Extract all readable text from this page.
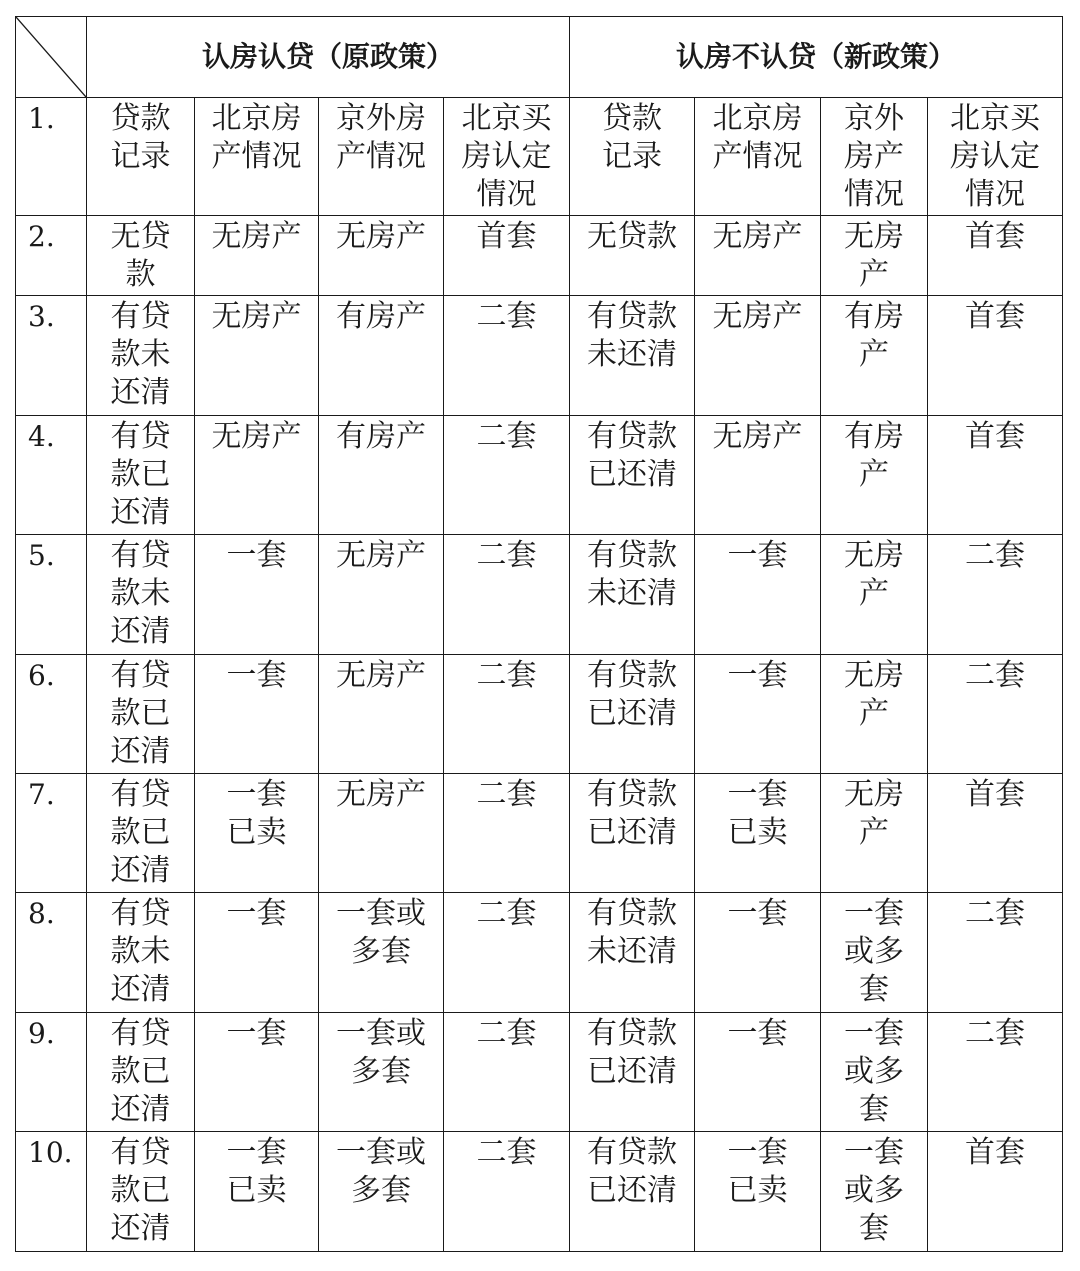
	认房认贷（原政策）				认房不认贷（新政策）			
1.	贷款
记录	北京房
产情况	京外房
产情况	北京买
房认定
情况	贷款
记录	北京房
产情况	京外
房产
情况	北京买
房认定
情况
2.	无贷
款	无房产	无房产	首套	无贷款	无房产	无房
产	首套
3.	有贷
款未
还清	无房产	有房产	二套	有贷款
未还清	无房产	有房
产	首套
4.	有贷
款已
还清	无房产	有房产	二套	有贷款
已还清	无房产	有房
产	首套
5.	有贷
款未
还清	一套	无房产	二套	有贷款
未还清	一套	无房
产	二套
6.	有贷
款已
还清	一套	无房产	二套	有贷款
已还清	一套	无房
产	二套
7.	有贷
款已
还清	一套
已卖	无房产	二套	有贷款
已还清	一套
已卖	无房
产	首套
8.	有贷
款未
还清	一套	一套或
多套	二套	有贷款
未还清	一套	一套
或多
套	二套
9.	有贷
款已
还清	一套	一套或
多套	二套	有贷款
已还清	一套	一套
或多
套	二套
10.	有贷
款已
还清	一套
已卖	一套或
多套	二套	有贷款
已还清	一套
已卖	一套
或多
套	首套
